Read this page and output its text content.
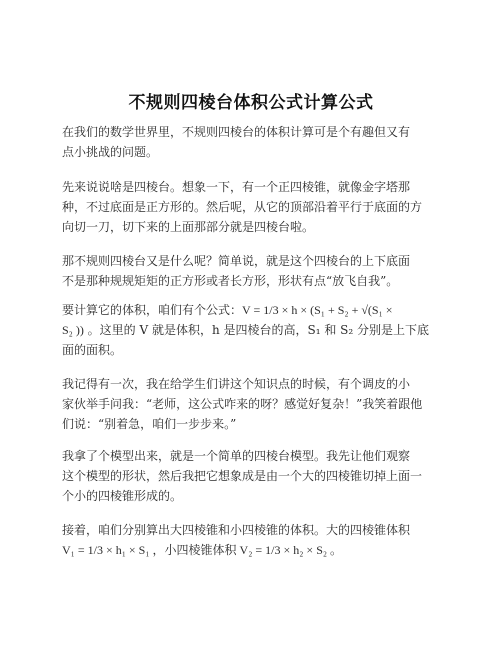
不规则四棱台体积公式计算公式
在我们的数学世界里，不规则四棱台的体积计算可是个有趣但又有
点小挑战的问题。
先来说说啥是四棱台。想象一下，有一个正四棱锥，就像金字塔那
种，不过底面是正方形的。然后呢，从它的顶部沿着平行于底面的方
向切一刀，切下来的上面那部分就是四棱台啦。
那不规则四棱台又是什么呢？简单说，就是这个四棱台的上下底面
不是那种规规矩矩的正方形或者长方形，形状有点“放飞自我”。
要计算它的体积，咱们有个公式：V = 1/3 × h × (S₁ + S₂ + √(S₁ ×
S₂ )) 。这里的 V 就是体积，h 是四棱台的高，S₁ 和 S₂ 分别是上下底
面的面积。
我记得有一次，我在给学生们讲这个知识点的时候，有个调皮的小
家伙举手问我：“老师，这公式咋来的呀？感觉好复杂！”我笑着跟他
们说：“别着急，咱们一步步来。”
我拿了个模型出来，就是一个简单的四棱台模型。我先让他们观察
这个模型的形状，然后我把它想象成是由一个大的四棱锥切掉上面一
个小的四棱锥形成的。
接着，咱们分别算出大四棱锥和小四棱锥的体积。大的四棱锥体积
V₁ = 1/3 × h₁ × S₁ ，小四棱锥体积 V₂ = 1/3 × h₂ × S₂ 。
